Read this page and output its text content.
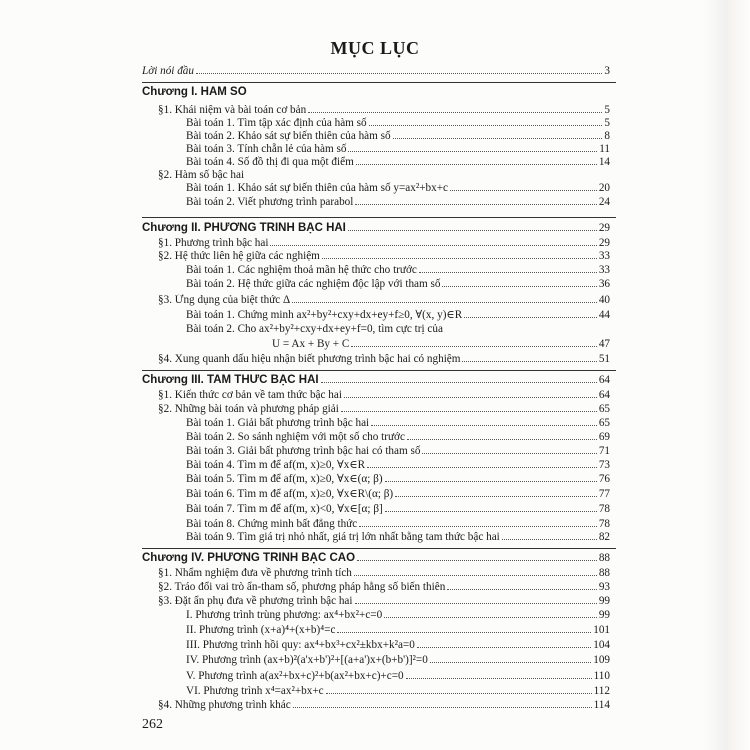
MỤC LỤC
Lời nói đầu	3
Chương I. HÀM SỐ
§1. Khái niệm và bài toán cơ bản	5
Bài toán 1. Tìm tập xác định của hàm số	5
Bài toán 2. Khảo sát sự biến thiên của hàm số	8
Bài toán 3. Tính chẵn lẻ của hàm số	11
Bài toán 4. Số đồ thị đi qua một điểm	14
§2. Hàm số bậc hai
Bài toán 1. Khảo sát sự biến thiên của hàm số y=ax²+bx+c	20
Bài toán 2. Viết phương trình parabol	24
Chương II. PHƯƠNG TRÌNH BẬC HAI	29
§1. Phương trình bậc hai	29
§2. Hệ thức liên hệ giữa các nghiệm	33
Bài toán 1. Các nghiệm thoả mãn hệ thức cho trước	33
Bài toán 2. Hệ thức giữa các nghiệm độc lập với tham số	36
§3. Ứng dụng của biệt thức Δ	40
Bài toán 1. Chứng minh ax²+by²+cxy+dx+ey+f≥0, ∀(x, y)∈R	44
Bài toán 2. Cho ax²+by²+cxy+dx+ey+f=0, tìm cực trị của
U = Ax + By + C	47
§4. Xung quanh dấu hiệu nhận biết phương trình bậc hai có nghiệm	51
Chương III. TAM THỨC BẬC HAI	64
§1. Kiến thức cơ bản về tam thức bậc hai	64
§2. Những bài toán và phương pháp giải	65
Bài toán 1. Giải bất phương trình bậc hai	65
Bài toán 2. So sánh nghiệm với một số cho trước	69
Bài toán 3. Giải bất phương trình bậc hai có tham số	71
Bài toán 4. Tìm m để af(m, x)≥0, ∀x∈R	73
Bài toán 5. Tìm m để af(m, x)≥0, ∀x∈(α; β)	76
Bài toán 6. Tìm m để af(m, x)≥0, ∀x∈R\(α; β)	77
Bài toán 7. Tìm m để af(m, x)<0, ∀x∈[α; β]	78
Bài toán 8. Chứng minh bất đẳng thức	78
Bài toán 9. Tìm giá trị nhỏ nhất, giá trị lớn nhất bằng tam thức bậc hai	82
Chương IV. PHƯƠNG TRÌNH BẬC CAO	88
§1. Nhẩm nghiệm đưa về phương trình tích	88
§2. Tráo đổi vai trò ẩn-tham số, phương pháp hằng số biến thiên	93
§3. Đặt ẩn phụ đưa về phương trình bậc hai	99
I. Phương trình trùng phương: ax⁴+bx²+c=0	99
II. Phương trình (x+a)⁴+(x+b)⁴=c	101
III. Phương trình hồi quy: ax⁴+bx³+cx²±kbx+k²a=0	104
IV. Phương trình (ax+b)²(a'x+b')²+[(a+a')x+(b+b')]²=0	109
V. Phương trình a(ax²+bx+c)²+b(ax²+bx+c)+c=0	110
VI. Phương trình x⁴=ax²+bx+c	112
§4. Những phương trình khác	114
262
